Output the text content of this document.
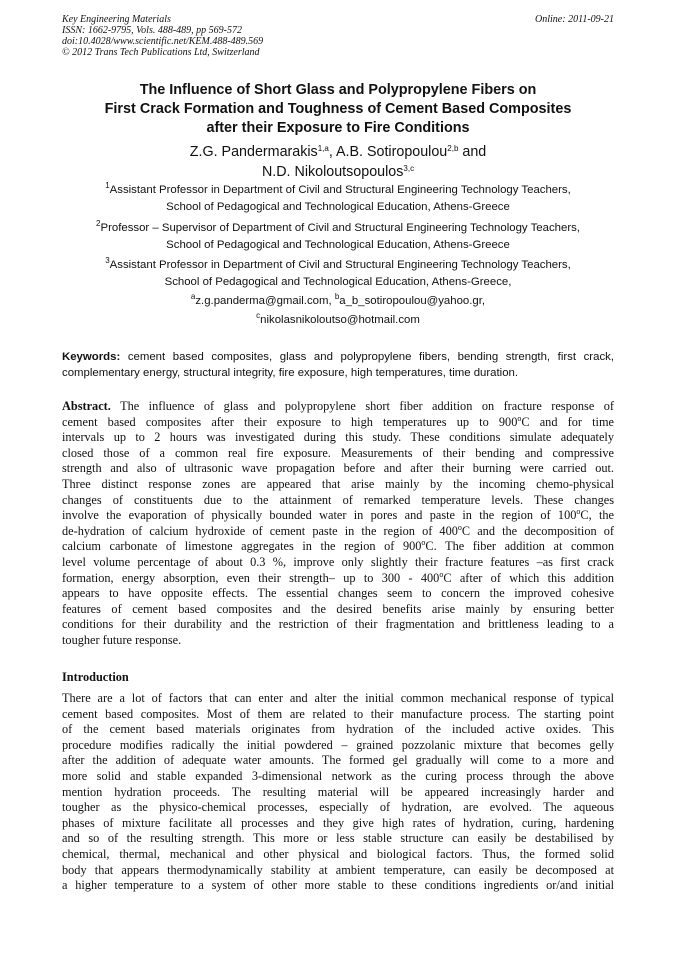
Key Engineering Materials
ISSN: 1662-9795, Vols. 488-489, pp 569-572
doi:10.4028/www.scientific.net/KEM.488-489.569
© 2012 Trans Tech Publications Ltd, Switzerland
Online: 2011-09-21
The Influence of Short Glass and Polypropylene Fibers on
First Crack Formation and Toughness of Cement Based Composites
after their Exposure to Fire Conditions
Z.G. Pandermarakis$^{1,a}$, A.B. Sotiropoulou$^{2,b}$ and
N.D. Nikoloutsopoulos$^{3,c}$
$^1$Assistant Professor in Department of Civil and Structural Engineering Technology Teachers,
School of Pedagogical and Technological Education, Athens-Greece
$^2$Professor – Supervisor of Department of Civil and Structural Engineering Technology Teachers,
School of Pedagogical and Technological Education, Athens-Greece
$^3$Assistant Professor in Department of Civil and Structural Engineering Technology Teachers,
School of Pedagogical and Technological Education, Athens-Greece,
$^a$z.g.panderma@gmail.com, $^b$a_b_sotiropoulou@yahoo.gr,
$^c$nikolasnikoloutso@hotmail.com
Keywords: cement based composites, glass and polypropylene fibers, bending strength, first crack, complementary energy, structural integrity, fire exposure, high temperatures, time duration.
Abstract. The influence of glass and polypropylene short fiber addition on fracture response of
cement based composites after their exposure to high temperatures up to 900$^o$C and for time
intervals up to 2 hours was investigated during this study. These conditions simulate adequately
closed those of a common real fire exposure. Measurements of their bending and compressive
strength and also of ultrasonic wave propagation before and after their burning were carried out.
Three distinct response zones are appeared that arise mainly by the incoming chemo-physical
changes of constituents due to the attainment of remarked temperature levels. These changes
involve the evaporation of physically bounded water in pores and paste in the region of 100$^o$C, the
de-hydration of calcium hydroxide of cement paste in the region of 400$^o$C and the decomposition of
calcium carbonate of limestone aggregates in the region of 900$^o$C. The fiber addition at common
level volume percentage of about 0.3 %, improve only slightly their fracture features –as first crack
formation, energy absorption, even their strength– up to 300 - 400$^o$C after of which this addition
appears to have opposite effects. The essential changes seem to concern the improved cohesive
features of cement based composites and the desired benefits arise mainly by ensuring better
conditions for their durability and the restriction of their fragmentation and brittleness leading to a
tougher future response.
Introduction
There are a lot of factors that can enter and alter the initial common mechanical response of typical
cement based composites. Most of them are related to their manufacture process. The starting point
of the cement based materials originates from hydration of the included active oxides. This
procedure modifies radically the initial powdered – grained pozzolanic mixture that becomes gelly
after the addition of adequate water amounts. The formed gel gradually will come to a more and
more solid and stable expanded 3-dimensional network as the curing process through the above
mention hydration proceeds. The resulting material will be appeared increasingly harder and
tougher as the physico-chemical processes, especially of hydration, are evolved. The aqueous
phases of mixture facilitate all processes and they give high rates of hydration, curing, hardening
and so of the resulting strength. This more or less stable structure can easily be destabilised by
chemical, thermal, mechanical and other physical and biological factors. Thus, the formed solid
body that appears thermodynamically stability at ambient temperature, can easily be decomposed at
a higher temperature to a system of other more stable to these conditions ingredients or/and initial
